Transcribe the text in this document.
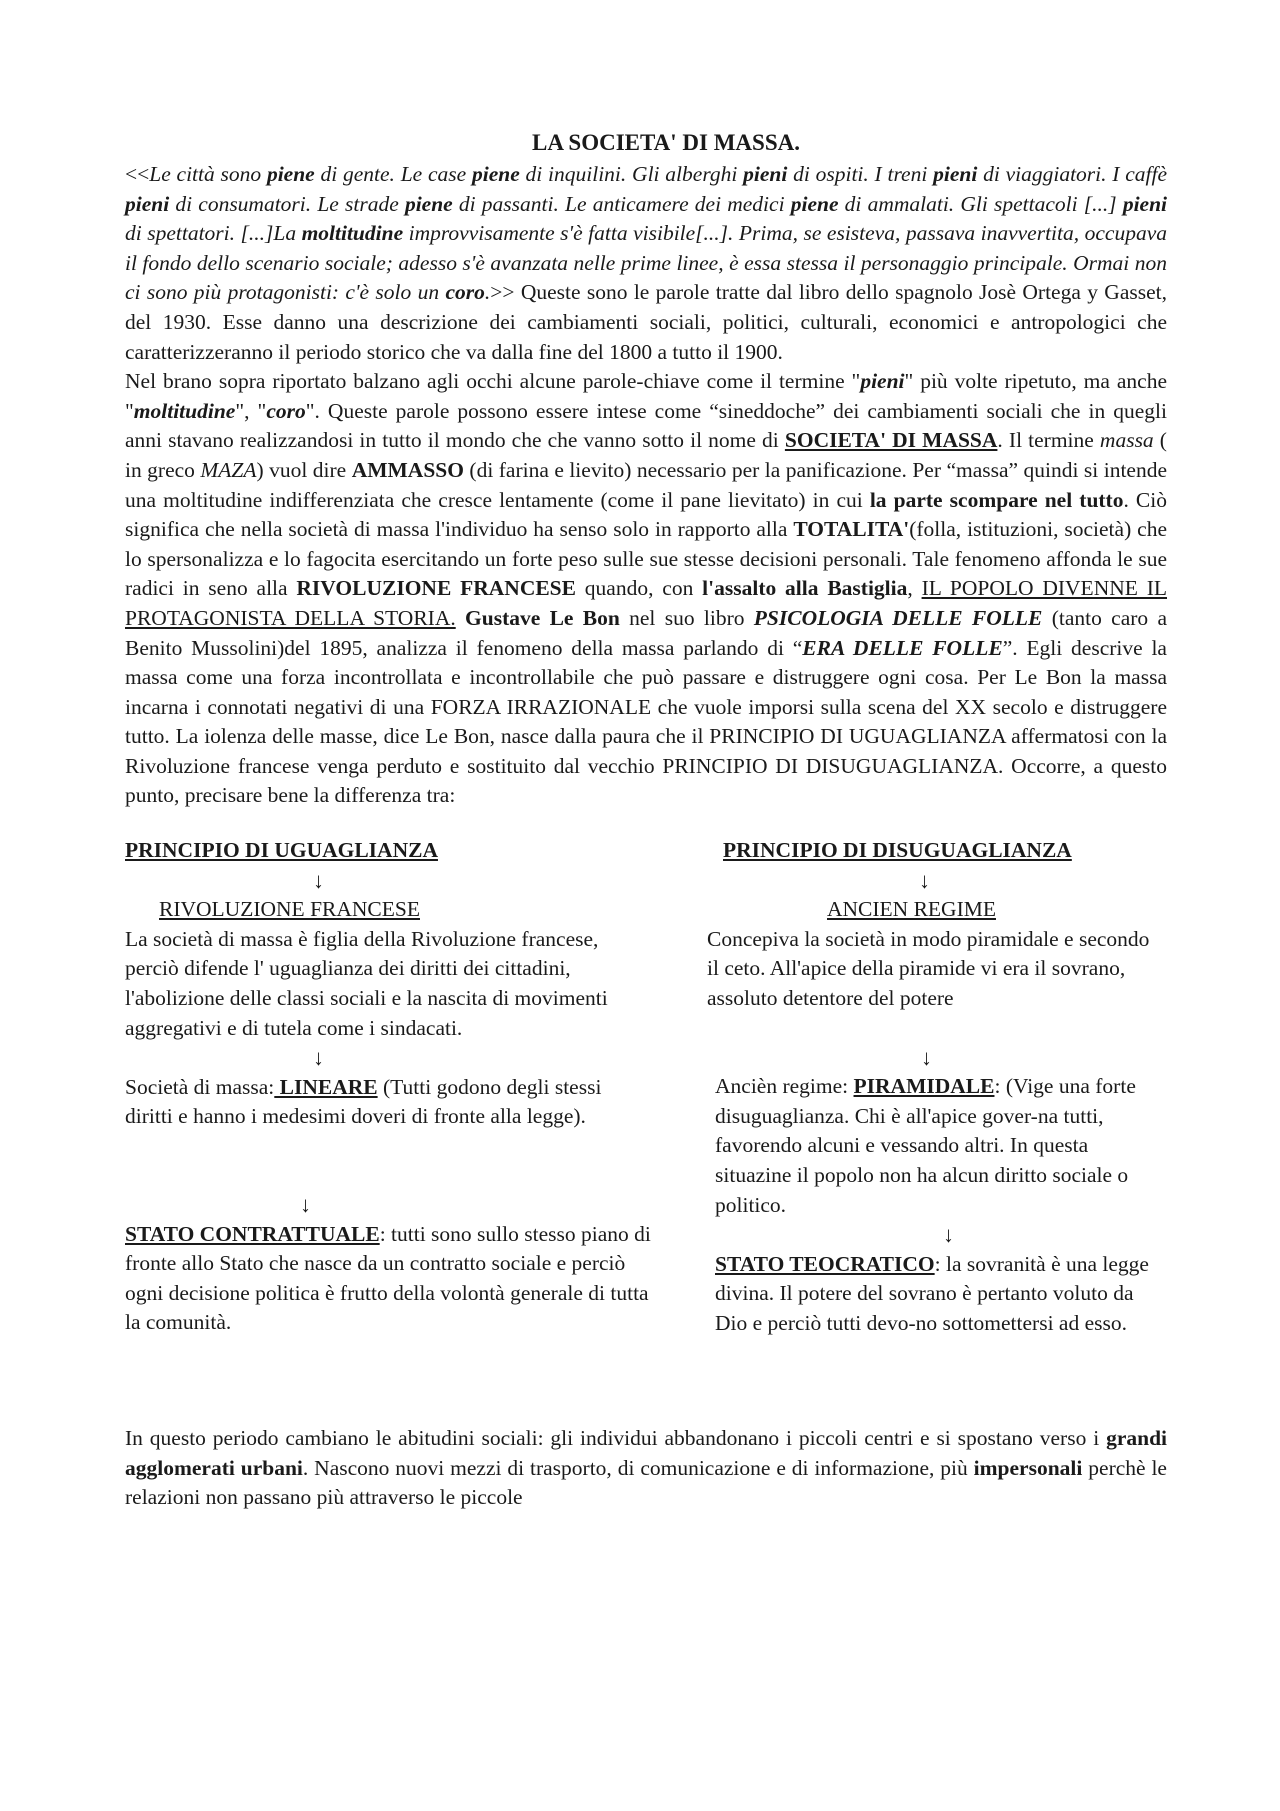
LA SOCIETA' DI MASSA.

<<Le città sono piene di gente. Le case piene di inquilini. Gli alberghi pieni di ospiti. I treni pieni di viaggiatori. I caffè pieni di consumatori. Le strade piene di passanti. Le anticamere dei medici piene di ammalati. Gli spettacoli [...] pieni di spettatori. [...]La moltitudine improvvisamente s'è fatta visibile[...]. Prima, se esisteva, passava inavvertita, occupava il fondo dello scenario sociale; adesso s'è avanzata nelle prime linee, è essa stessa il personaggio principale. Ormai non ci sono più protagonisti: c'è solo un coro.>> Queste sono le parole tratte dal libro dello spagnolo Josè Ortega y Gasset, del 1930. Esse danno una descrizione dei cambiamenti sociali, politici, culturali, economici e antropologici che caratterizzeranno il periodo storico che va dalla fine del 1800 a tutto il 1900.

Nel brano sopra riportato balzano agli occhi alcune parole-chiave come il termine "pieni" più volte ripetuto, ma anche "moltitudine", "coro". Queste parole possono essere intese come “sineddoche” dei cambiamenti sociali che in quegli anni stavano realizzandosi in tutto il mondo che che vanno sotto il nome di SOCIETA' DI MASSA. Il termine massa ( in greco MAZA) vuol dire AMMASSO (di farina e lievito) necessario per la panificazione. Per “massa” quindi si intende una moltitudine indifferenziata che cresce lentamente (come il pane lievitato) in cui la parte scompare nel tutto. Ciò significa che nella società di massa l'individuo ha senso solo in rapporto alla TOTALITA'(folla, istituzioni, società) che lo spersonalizza e lo fagocita esercitando un forte peso sulle sue stesse decisioni personali. Tale fenomeno affonda le sue radici in seno alla RIVOLUZIONE FRANCESE quando, con l'assalto alla Bastiglia, IL POPOLO DIVENNE IL PROTAGONISTA DELLA STORIA. Gustave Le Bon nel suo libro PSICOLOGIA DELLE FOLLE (tanto caro a Benito Mussolini)del 1895, analizza il fenomeno della massa parlando di “ERA DELLE FOLLE”. Egli descrive la massa come una forza incontrollata e incontrollabile che può passare e distruggere ogni cosa. Per Le Bon la massa incarna i connotati negativi di una FORZA IRRAZIONALE che vuole imporsi sulla scena del XX secolo e distruggere tutto. La iolenza delle masse, dice Le Bon, nasce dalla paura che il PRINCIPIO DI UGUAGLIANZA affermatosi con la Rivoluzione francese venga perduto e sostituito dal vecchio PRINCIPIO DI DISUGUAGLIANZA. Occorre, a questo punto, precisare bene la differenza tra:

PRINCIPIO DI UGUAGLIANZA
↓
RIVOLUZIONE FRANCESE
La società di massa è figlia della Rivoluzione francese, perciò difende l' uguaglianza dei diritti dei cittadini, l'abolizione delle classi sociali e la nascita di movimenti aggregativi e di tutela come i sindacati.
↓
Società di massa: LINEARE (Tutti godono degli stessi diritti e hanno i medesimi doveri di fronte alla legge).
↓
STATO CONTRATTUALE: tutti sono sullo stesso piano di fronte allo Stato che nasce da un contratto sociale e perciò ogni decisione politica è frutto della volontà generale di tutta la comunità.
PRINCIPIO DI DISUGUAGLIANZA
↓
ANCIEN REGIME
Concepiva la società in modo piramidale e secondo il ceto. All'apice della piramide vi era il sovrano, assoluto detentore del potere
↓
Anciѐn regime: PIRAMIDALE: (Vige una forte disuguaglianza. Chi è all'apice gover-na tutti, favorendo alcuni e vessando altri. In questa situazine il popolo non ha alcun diritto sociale o politico.
↓
STATO TEOCRATICO: la sovranità è una legge divina. Il potere del sovrano è pertanto voluto da Dio e perciò tutti devo-no sottomettersi ad esso.

In questo periodo cambiano le abitudini sociali: gli individui abbandonano i piccoli centri e si spostano verso i grandi agglomerati urbani. Nascono nuovi mezzi di trasporto, di comunicazione e di informazione, più impersonali perchè le relazioni non passano più attraverso le piccole
